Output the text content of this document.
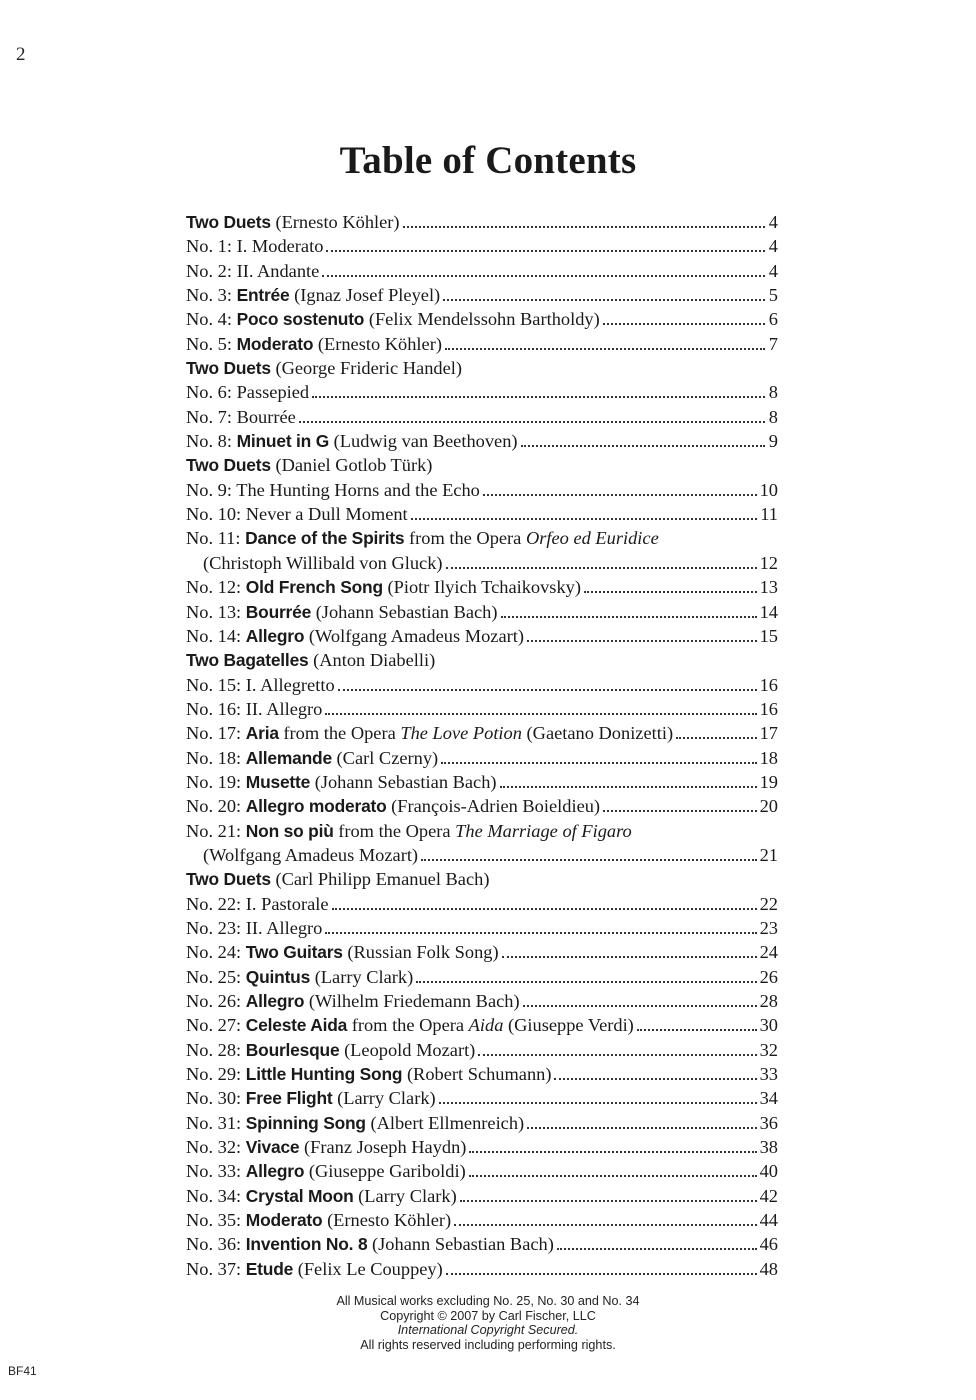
2
Table of Contents
Two Duets (Ernesto Köhler)	4
No. 1: I. Moderato	4
No. 2: II. Andante	4
No. 3: Entrée (Ignaz Josef Pleyel)	5
No. 4: Poco sostenuto (Felix Mendelssohn Bartholdy)	6
No. 5: Moderato (Ernesto Köhler)	7
Two Duets (George Frideric Handel)
No. 6: Passepied	8
No. 7: Bourrée	8
No. 8: Minuet in G (Ludwig van Beethoven)	9
Two Duets (Daniel Gotlob Türk)
No. 9: The Hunting Horns and the Echo	10
No. 10: Never a Dull Moment	11
No. 11: Dance of the Spirits from the Opera Orfeo ed Euridice
(Christoph Willibald von Gluck)	12
No. 12: Old French Song (Piotr Ilyich Tchaikovsky)	13
No. 13: Bourrée (Johann Sebastian Bach)	14
No. 14: Allegro (Wolfgang Amadeus Mozart)	15
Two Bagatelles (Anton Diabelli)
No. 15: I. Allegretto	16
No. 16: II. Allegro	16
No. 17: Aria from the Opera The Love Potion (Gaetano Donizetti)	17
No. 18: Allemande (Carl Czerny)	18
No. 19: Musette (Johann Sebastian Bach)	19
No. 20: Allegro moderato (François-Adrien Boieldieu)	20
No. 21: Non so più from the Opera The Marriage of Figaro
(Wolfgang Amadeus Mozart)	21
Two Duets (Carl Philipp Emanuel Bach)
No. 22: I. Pastorale	22
No. 23: II. Allegro	23
No. 24: Two Guitars (Russian Folk Song)	24
No. 25: Quintus (Larry Clark)	26
No. 26: Allegro (Wilhelm Friedemann Bach)	28
No. 27: Celeste Aida from the Opera Aida (Giuseppe Verdi)	30
No. 28: Bourlesque (Leopold Mozart)	32
No. 29: Little Hunting Song (Robert Schumann)	33
No. 30: Free Flight (Larry Clark)	34
No. 31: Spinning Song (Albert Ellmenreich)	36
No. 32: Vivace (Franz Joseph Haydn)	38
No. 33: Allegro (Giuseppe Gariboldi)	40
No. 34: Crystal Moon (Larry Clark)	42
No. 35: Moderato (Ernesto Köhler)	44
No. 36: Invention No. 8 (Johann Sebastian Bach)	46
No. 37: Etude (Felix Le Couppey)	48
All Musical works excluding No. 25, No. 30 and No. 34
Copyright © 2007 by Carl Fischer, LLC
International Copyright Secured.
All rights reserved including performing rights.
BF41
